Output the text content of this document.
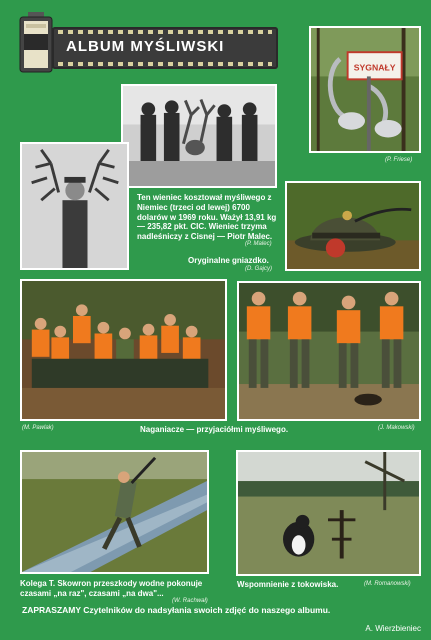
ALBUM MYŚLIWSKI
SYGNAŁY
(P. Friese)
Ten wieniec kosztował myśliwego z Niemiec (trzeci od lewej) 6700 dolarów w 1969 roku. Ważył 13,91 kg — 235,82 pkt. CIC. Wieniec trzyma nadleśniczy z Cisnej — Piotr Malec.
(P. Malec)
Oryginalne gniazdko.
(D. Gajcy)
(M. Pawlak)	Naganiacze — przyjaciółmi myśliwego.	(J. Makowski)
Kolega T. Skowron przeszkody wodne pokonuje czasami „na raz", czasami „na dwa"...
(W. Rachwał)
Wspomnienie z tokowiska.	(M. Romanowski)
ZAPRASZAMY Czytelników do nadsyłania swoich zdjęć do naszego albumu.
A. Wierzbieniec
